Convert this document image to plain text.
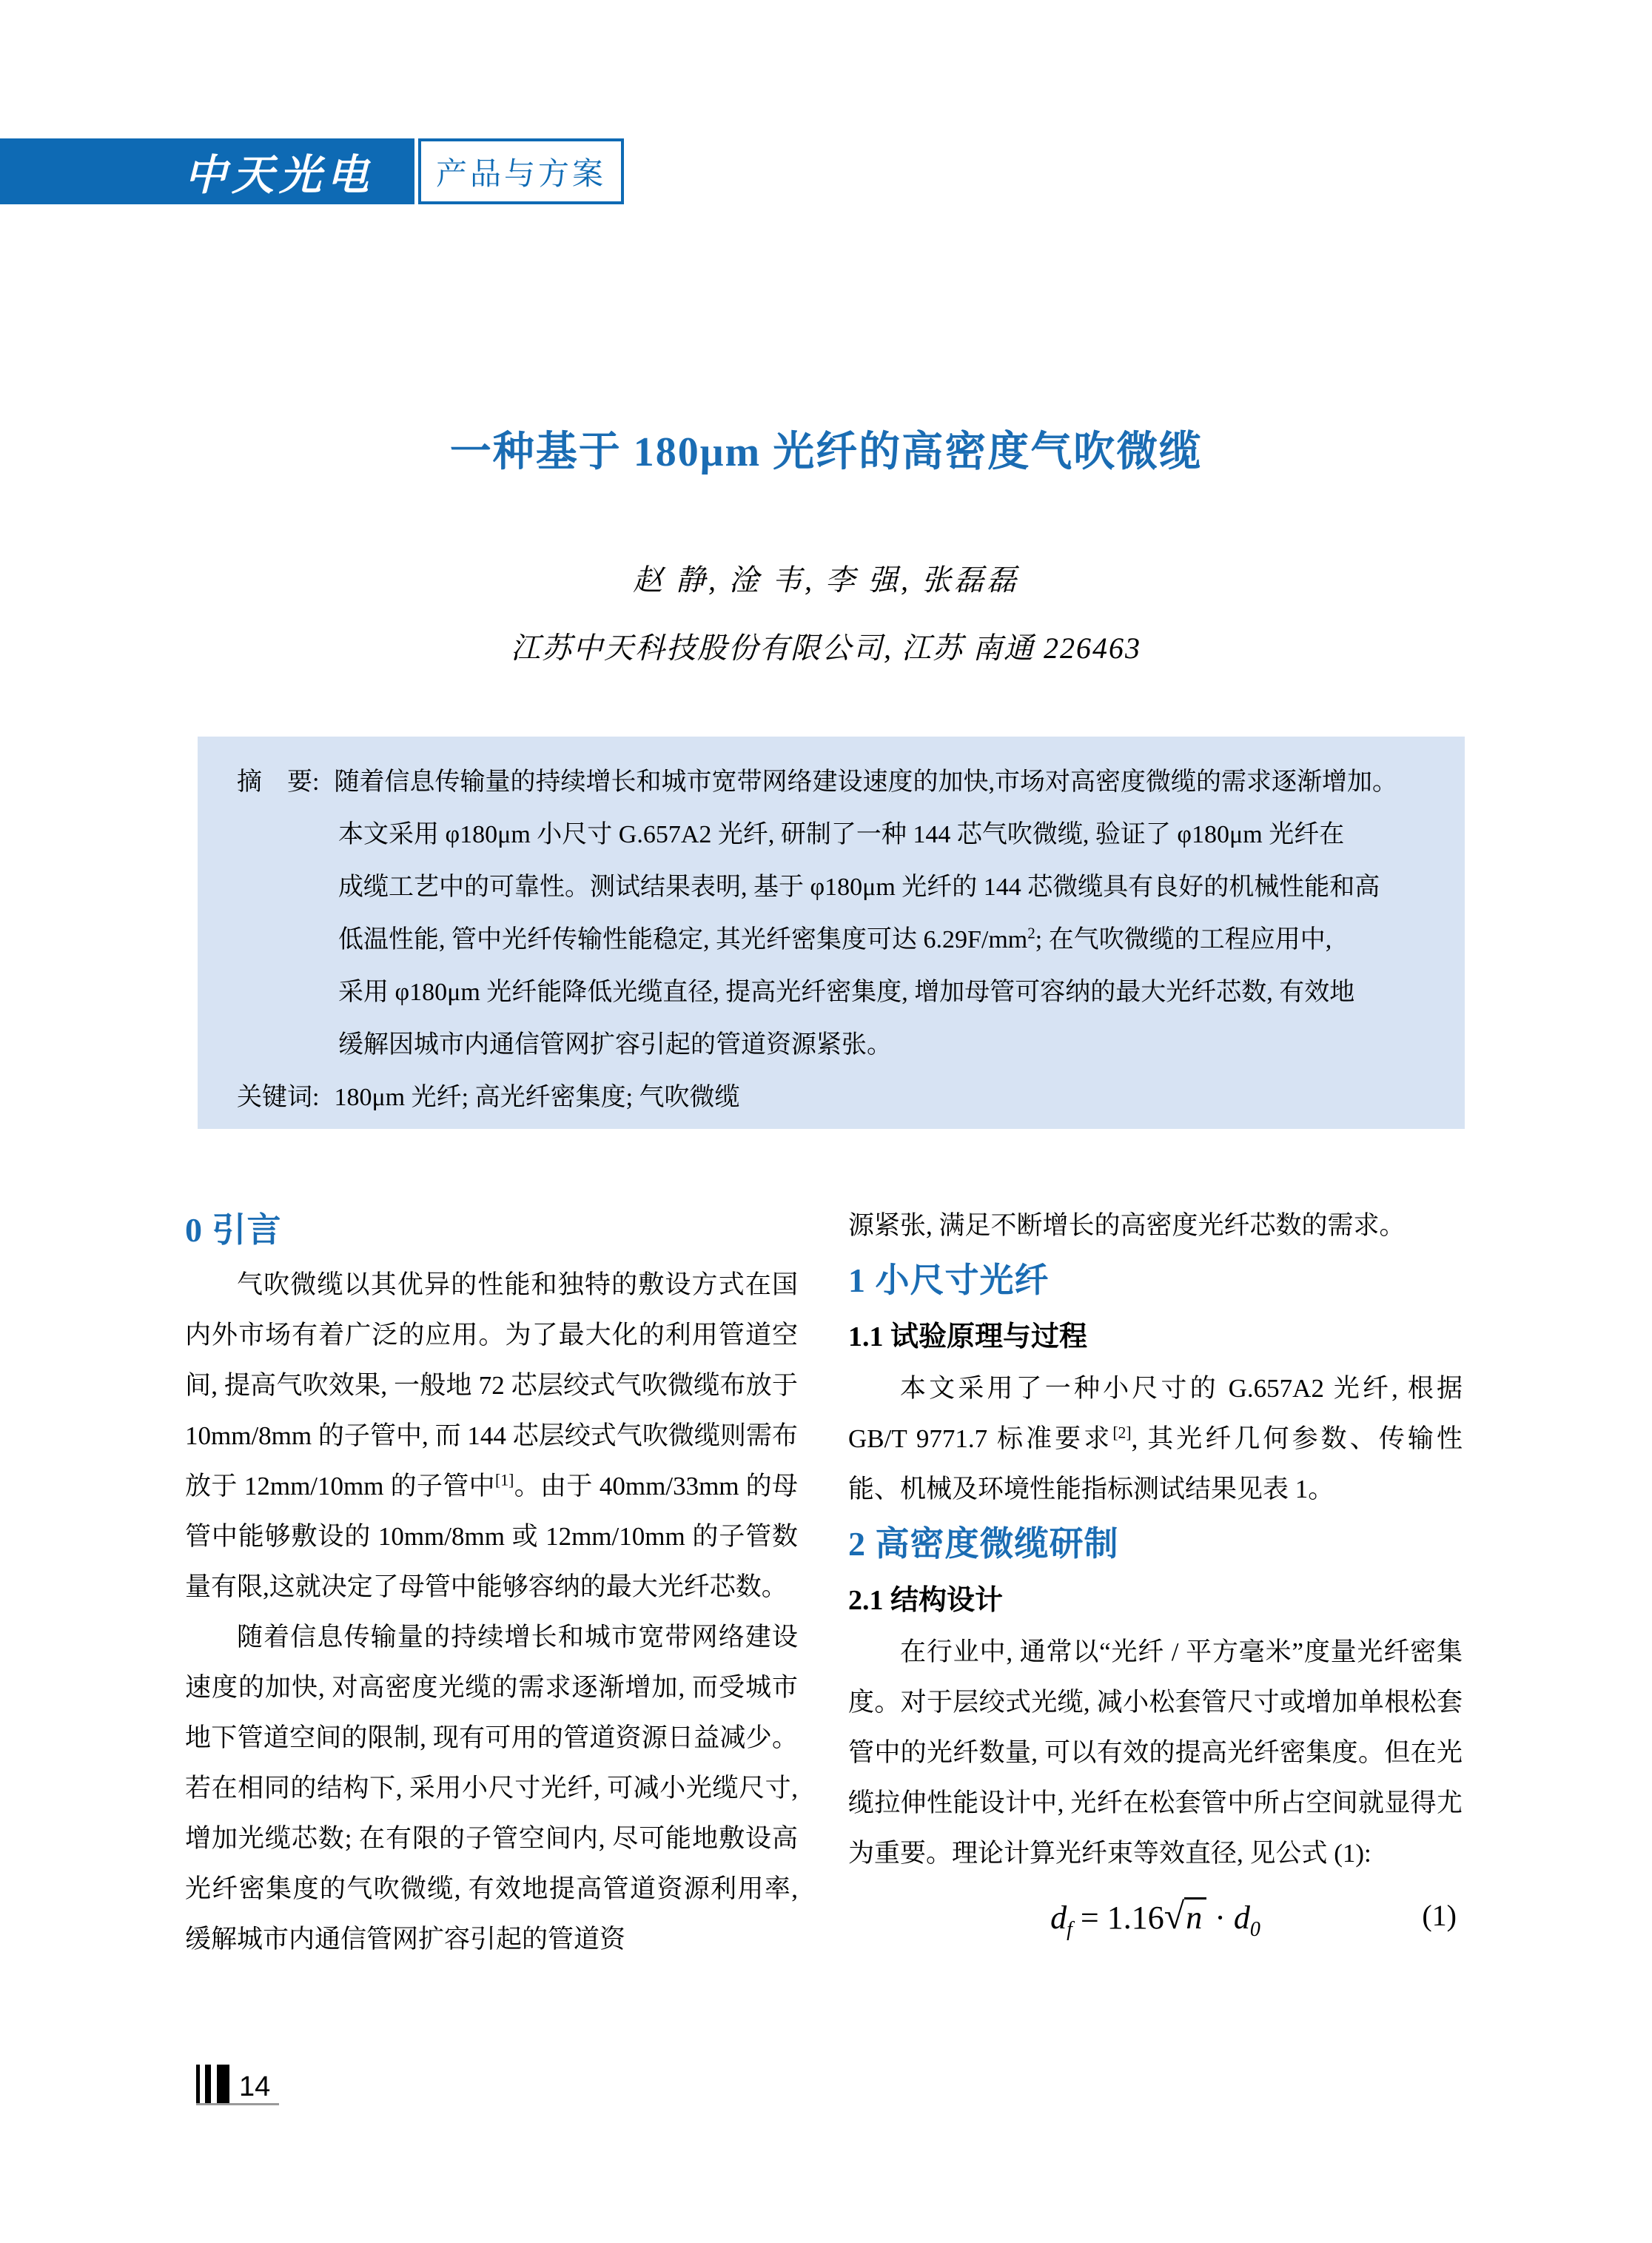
中天光电 产品与方案
一种基于 180μm 光纤的高密度气吹微缆
赵 静, 淦 韦, 李 强, 张磊磊
江苏中天科技股份有限公司, 江苏 南通 226463
摘　要: 随着信息传输量的持续增长和城市宽带网络建设速度的加快,市场对高密度微缆的需求逐渐增加。
本文采用 φ180μm 小尺寸 G.657A2 光纤, 研制了一种 144 芯气吹微缆, 验证了 φ180μm 光纤在
成缆工艺中的可靠性。测试结果表明, 基于 φ180μm 光纤的 144 芯微缆具有良好的机械性能和高
低温性能, 管中光纤传输性能稳定, 其光纤密集度可达 $6.29F/mm^2$; 在气吹微缆的工程应用中,
采用 φ180μm 光纤能降低光缆直径, 提高光纤密集度, 增加母管可容纳的最大光纤芯数, 有效地
缓解因城市内通信管网扩容引起的管道资源紧张。
关键词: 180μm 光纤; 高光纤密集度; 气吹微缆
0 引言

气吹微缆以其优异的性能和独特的敷设方式在国内外市场有着广泛的应用。为了最大化的利用管道空间, 提高气吹效果, 一般地 72 芯层绞式气吹微缆布放于 10mm/8mm 的子管中, 而 144 芯层绞式气吹微缆则需布放于 12mm/10mm 的子管中[1]。由于 40mm/33mm 的母管中能够敷设的 10mm/8mm 或 12mm/10mm 的子管数量有限,这就决定了母管中能够容纳的最大光纤芯数。

随着信息传输量的持续增长和城市宽带网络建设速度的加快, 对高密度光缆的需求逐渐增加, 而受城市地下管道空间的限制, 现有可用的管道资源日益减少。若在相同的结构下, 采用小尺寸光纤, 可减小光缆尺寸, 增加光缆芯数; 在有限的子管空间内, 尽可能地敷设高光纤密集度的气吹微缆, 有效地提高管道资源利用率, 缓解城市内通信管网扩容引起的管道资

源紧张, 满足不断增长的高密度光纤芯数的需求。

1 小尺寸光纤
1.1 试验原理与过程

本文采用了一种小尺寸的 G.657A2 光纤, 根据 GB/T 9771.7 标准要求[2], 其光纤几何参数、传输性能、机械及环境性能指标测试结果见表 1。

2 高密度微缆研制
2.1 结构设计

在行业中, 通常以“光纤 / 平方毫米”度量光纤密集度。对于层绞式光缆, 减小松套管尺寸或增加单根松套管中的光纤数量, 可以有效的提高光纤密集度。但在光缆拉伸性能设计中, 光纤在松套管中所占空间就显得尤为重要。理论计算光纤束等效直径, 见公式 (1):

$d_f = 1.16√n \cdot d_0$	(1)
14
